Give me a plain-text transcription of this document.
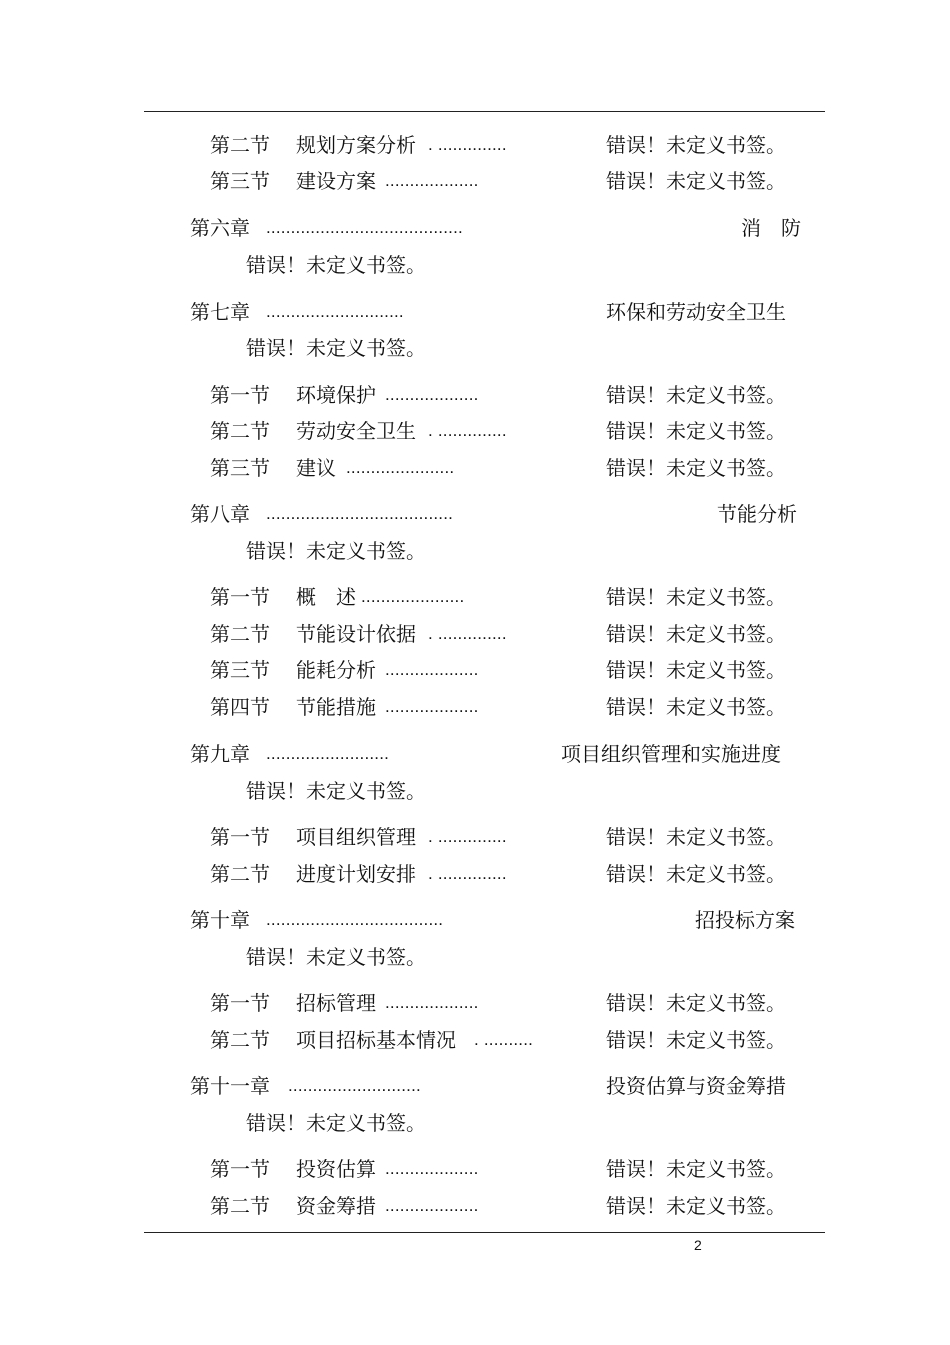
第二节 规划方案分析 . ..............	错误！未定义书签。
第三节 建设方案 ...................	错误！未定义书签。
第六章 ........................................	消　防
错误！未定义书签。
第七章 ............................	环保和劳动安全卫生
错误！未定义书签。
第一节 环境保护 ...................	错误！未定义书签。
第二节 劳动安全卫生 . ..............	错误！未定义书签。
第三节 建议 ......................	错误！未定义书签。
第八章 ......................................	节能分析
错误！未定义书签。
第一节 概　述 .....................	错误！未定义书签。
第二节 节能设计依据 . ..............	错误！未定义书签。
第三节 能耗分析 ...................	错误！未定义书签。
第四节 节能措施 ...................	错误！未定义书签。
第九章 .........................	项目组织管理和实施进度
错误！未定义书签。
第一节 项目组织管理 . ..............	错误！未定义书签。
第二节 进度计划安排 . ..............	错误！未定义书签。
第十章 ....................................	招投标方案
错误！未定义书签。
第一节 招标管理 ...................	错误！未定义书签。
第二节 项目招标基本情况 . ..........	错误！未定义书签。
第十一章 ...........................	投资估算与资金筹措
错误！未定义书签。
第一节 投资估算 ...................	错误！未定义书签。
第二节 资金筹措 ...................	错误！未定义书签。
2
